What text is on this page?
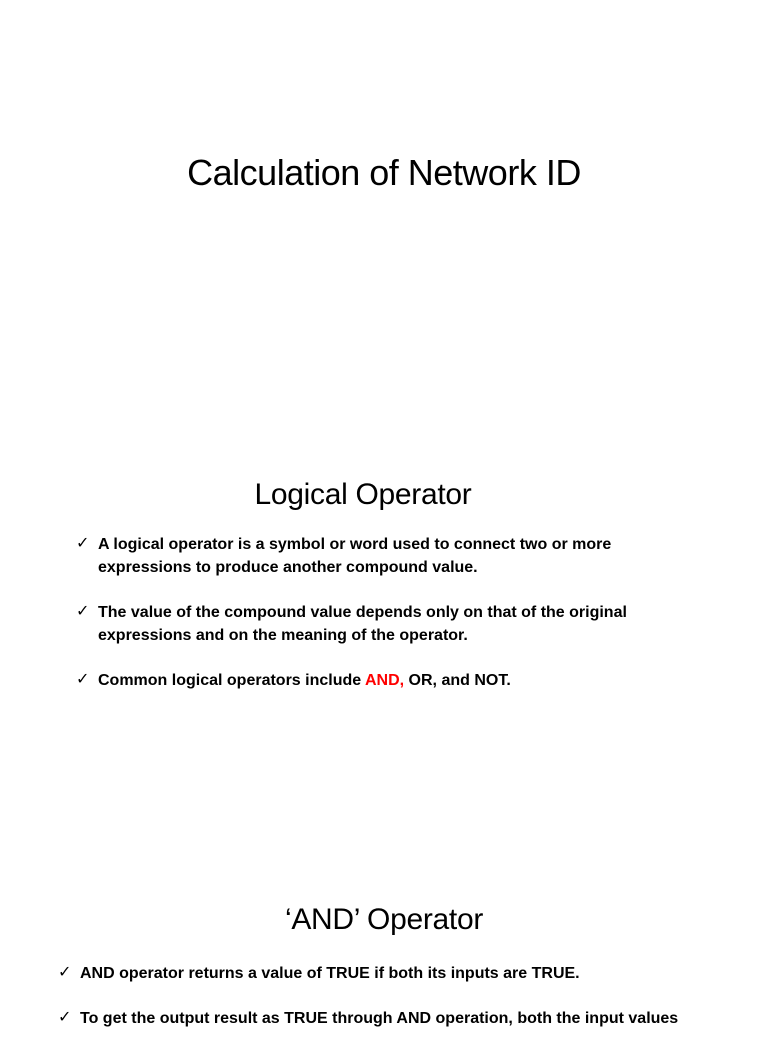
Calculation of Network ID
Logical Operator
✓ A logical operator is a symbol or word used to connect two or more expressions to produce another compound value.
✓ The value of the compound value depends only on that of the original expressions and on the meaning of the operator.
✓ Common logical operators include AND, OR, and NOT.
‘AND’ Operator
✓ AND operator returns a value of TRUE if both its inputs are TRUE.
✓ To get the output result as TRUE through AND operation, both the input values
